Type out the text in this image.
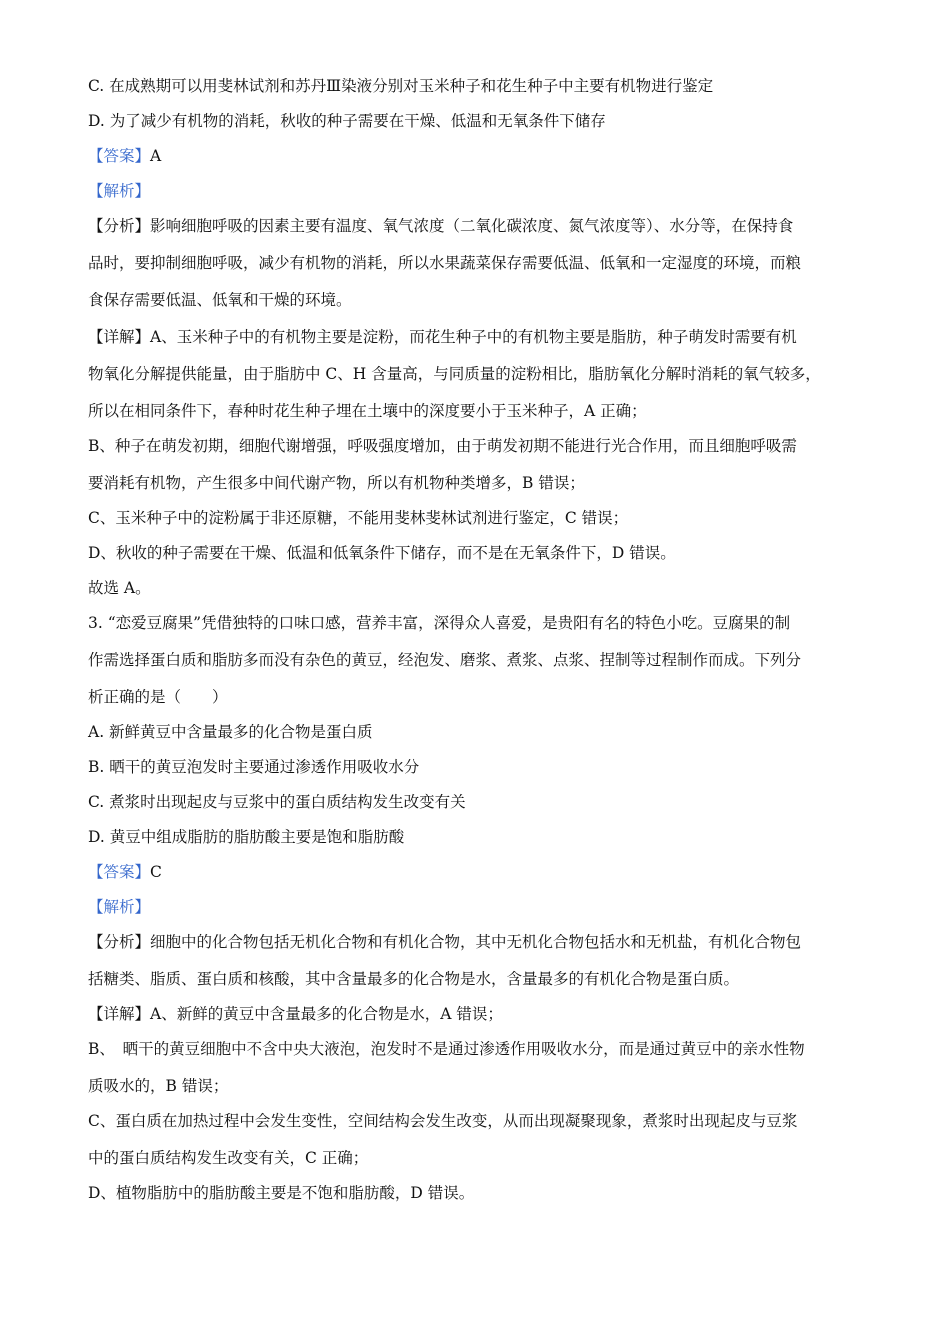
C. 在成熟期可以用斐林试剂和苏丹Ⅲ染液分别对玉米种子和花生种子中主要有机物进行鉴定
D. 为了减少有机物的消耗，秋收的种子需要在干燥、低温和无氧条件下储存
【答案】A
【解析】
【分析】影响细胞呼吸的因素主要有温度、氧气浓度（二氧化碳浓度、氮气浓度等）、水分等，在保持食
品时，要抑制细胞呼吸，减少有机物的消耗，所以水果蔬菜保存需要低温、低氧和一定湿度的环境，而粮
食保存需要低温、低氧和干燥的环境。
【详解】A、玉米种子中的有机物主要是淀粉，而花生种子中的有机物主要是脂肪，种子萌发时需要有机
物氧化分解提供能量，由于脂肪中 C、H 含量高，与同质量的淀粉相比，脂肪氧化分解时消耗的氧气较多，
所以在相同条件下，春种时花生种子埋在土壤中的深度要小于玉米种子，A 正确；
B、种子在萌发初期，细胞代谢增强，呼吸强度增加，由于萌发初期不能进行光合作用，而且细胞呼吸需
要消耗有机物，产生很多中间代谢产物，所以有机物种类增多，B 错误；
C、玉米种子中的淀粉属于非还原糖，不能用斐林斐林试剂进行鉴定，C 错误；
D、秋收的种子需要在干燥、低温和低氧条件下储存，而不是在无氧条件下，D 错误。
故选 A。
3. “恋爱豆腐果”凭借独特的口味口感，营养丰富，深得众人喜爱，是贵阳有名的特色小吃。豆腐果的制
作需选择蛋白质和脂肪多而没有杂色的黄豆，经泡发、磨浆、煮浆、点浆、捏制等过程制作而成。下列分
析正确的是（　　）
A. 新鲜黄豆中含量最多的化合物是蛋白质
B. 晒干的黄豆泡发时主要通过渗透作用吸收水分
C. 煮浆时出现起皮与豆浆中的蛋白质结构发生改变有关
D. 黄豆中组成脂肪的脂肪酸主要是饱和脂肪酸
【答案】C
【解析】
【分析】细胞中的化合物包括无机化合物和有机化合物，其中无机化合物包括水和无机盐，有机化合物包
括糖类、脂质、蛋白质和核酸，其中含量最多的化合物是水，含量最多的有机化合物是蛋白质。
【详解】A、新鲜的黄豆中含量最多的化合物是水，A 错误；
B、　晒干的黄豆细胞中不含中央大液泡，泡发时不是通过渗透作用吸收水分，而是通过黄豆中的亲水性物
质吸水的，B 错误；
C、蛋白质在加热过程中会发生变性，空间结构会发生改变，从而出现凝聚现象，煮浆时出现起皮与豆浆
中的蛋白质结构发生改变有关，C 正确；
D、植物脂肪中的脂肪酸主要是不饱和脂肪酸，D 错误。
